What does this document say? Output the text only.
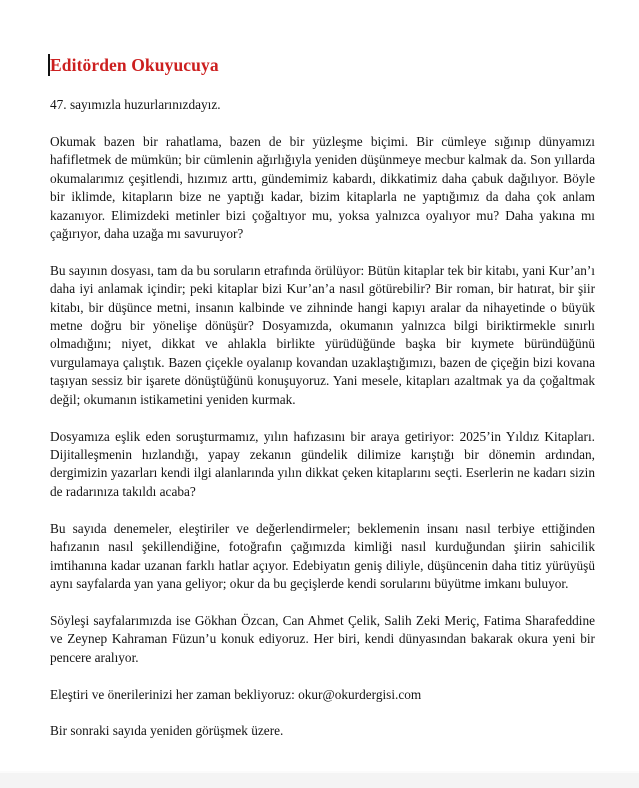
Editörden Okuyucuya

47. sayımızla huzurlarınızdayız.

Okumak bazen bir rahatlama, bazen de bir yüzleşme biçimi. Bir cümleye sığınıp dünyamızı hafifletmek de mümkün; bir cümlenin ağırlığıyla yeniden düşünmeye mecbur kalmak da. Son yıllarda okumalarımız çeşitlendi, hızımız arttı, gündemimiz kabardı, dikkatimiz daha çabuk dağılıyor. Böyle bir iklimde, kitapların bize ne yaptığı kadar, bizim kitaplarla ne yaptığımız da daha çok anlam kazanıyor. Elimizdeki metinler bizi çoğaltıyor mu, yoksa yalnızca oyalıyor mu? Daha yakına mı çağırıyor, daha uzağa mı savuruyor?

Bu sayının dosyası, tam da bu soruların etrafında örülüyor: Bütün kitaplar tek bir kitabı, yani Kur’an’ı daha iyi anlamak içindir; peki kitaplar bizi Kur’an’a nasıl götürebilir? Bir roman, bir hatırat, bir şiir kitabı, bir düşünce metni, insanın kalbinde ve zihninde hangi kapıyı aralar da nihayetinde o büyük metne doğru bir yönelişe dönüşür? Dosyamızda, okumanın yalnızca bilgi biriktirmekle sınırlı olmadığını; niyet, dikkat ve ahlakla birlikte yürüdüğünde başka bir kıymete büründüğünü vurgulamaya çalıştık. Bazen çiçekle oyalanıp kovandan uzaklaştığımızı, bazen de çiçeğin bizi kovana taşıyan sessiz bir işarete dönüştüğünü konuşuyoruz. Yani mesele, kitapları azaltmak ya da çoğaltmak değil; okumanın istikametini yeniden kurmak.

Dosyamıza eşlik eden soruşturmamız, yılın hafızasını bir araya getiriyor: 2025’in Yıldız Kitapları. Dijitalleşmenin hızlandığı, yapay zekanın gündelik dilimize karıştığı bir dönemin ardından, dergimizin yazarları kendi ilgi alanlarında yılın dikkat çeken kitaplarını seçti. Eserlerin ne kadarı sizin de radarınıza takıldı acaba?

Bu sayıda denemeler, eleştiriler ve değerlendirmeler; beklemenin insanı nasıl terbiye ettiğinden hafızanın nasıl şekillendiğine, fotoğrafın çağımızda kimliği nasıl kurduğundan şiirin sahicilik imtihanına kadar uzanan farklı hatlar açıyor. Edebiyatın geniş diliyle, düşüncenin daha titiz yürüyüşü aynı sayfalarda yan yana geliyor; okur da bu geçişlerde kendi sorularını büyütme imkanı buluyor.

Söyleşi sayfalarımızda ise Gökhan Özcan, Can Ahmet Çelik, Salih Zeki Meriç, Fatima Sharafeddine ve Zeynep Kahraman Füzun’u konuk ediyoruz. Her biri, kendi dünyasından bakarak okura yeni bir pencere aralıyor.

Eleştiri ve önerilerinizi her zaman bekliyoruz: okur@okurdergisi.com

Bir sonraki sayıda yeniden görüşmek üzere.
